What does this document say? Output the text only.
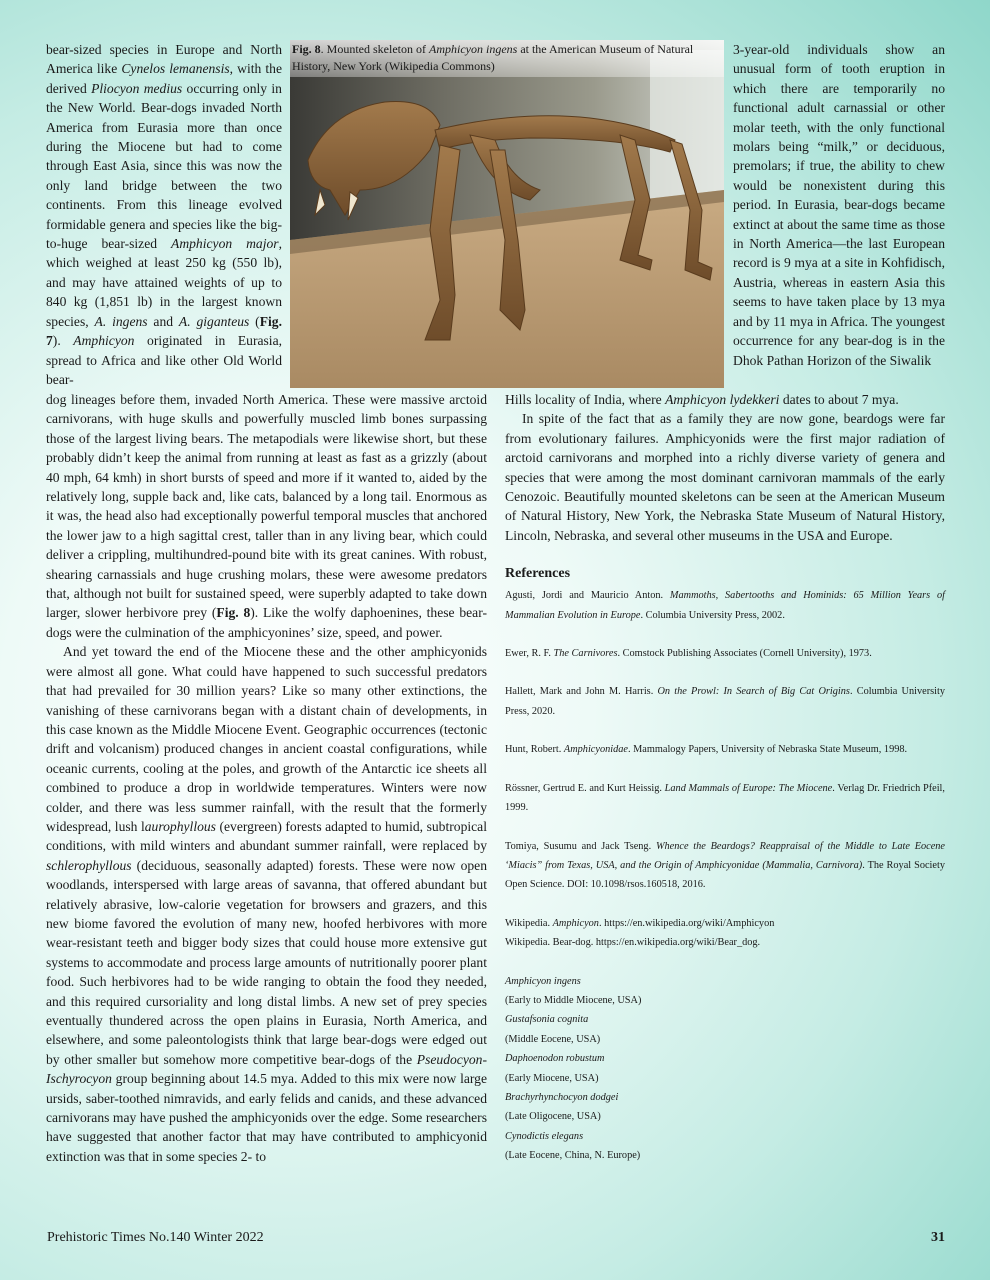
bear-sized species in Europe and North America like Cynelos lemanensis, with the derived Pliocyon medius occurring only in the New World. Bear-dogs invaded North America from Eurasia more than once during the Miocene but had to come through East Asia, since this was now the only land bridge between the two continents. From this lineage evolved formidable genera and species like the big-to-huge bear-sized Amphicyon major, which weighed at least 250 kg (550 lb), and may have attained weights of up to 840 kg (1,851 lb) in the largest known species, A. ingens and A. giganteus (Fig. 7). Amphicyon originated in Eurasia, spread to Africa and like other Old World bear-

Fig. 8. Mounted skeleton of Amphicyon ingens at the American Museum of Natural History, New York (Wikipedia Commons)

3-year-old individuals show an unusual form of tooth eruption in which there are temporarily no functional adult carnassial or other molar teeth, with the only functional molars being “milk,” or deciduous, premolars; if true, the ability to chew would be nonexistent during this period. In Eurasia, bear-dogs became extinct at about the same time as those in North America—the last European record is 9 mya at a site in Kohfidisch, Austria, whereas in eastern Asia this seems to have taken place by 13 mya and by 11 mya in Africa. The youngest occurrence for any bear-dog is in the Dhok Pathan Horizon of the Siwalik

dog lineages before them, invaded North America. These were massive arctoid carnivorans, with huge skulls and powerfully muscled limb bones surpassing those of the largest living bears. The metapodials were likewise short, but these probably didn’t keep the animal from running at least as fast as a grizzly (about 40 mph, 64 kmh) in short bursts of speed and more if it wanted to, aided by the relatively long, supple back and, like cats, balanced by a long tail. Enormous as it was, the head also had exceptionally powerful temporal muscles that anchored the lower jaw to a high sagittal crest, taller than in any living bear, which could deliver a crippling, multihundred-pound bite with its great canines. With robust, shearing carnassials and huge crushing molars, these were awesome predators that, although not built for sustained speed, were superbly adapted to take down larger, slower herbivore prey (Fig. 8). Like the wolfy daphoenines, these bear-dogs were the culmination of the amphicyonines’ size, speed, and power.

And yet toward the end of the Miocene these and the other amphicyonids were almost all gone. What could have happened to such successful predators that had prevailed for 30 million years? Like so many other extinctions, the vanishing of these carnivorans began with a distant chain of developments, in this case known as the Middle Miocene Event. Geographic occurrences (tectonic drift and volcanism) produced changes in ancient coastal configurations, while oceanic currents, cooling at the poles, and growth of the Antarctic ice sheets all combined to produce a drop in worldwide temperatures. Winters were now colder, and there was less summer rainfall, with the result that the formerly widespread, lush laurophyllous (evergreen) forests adapted to humid, subtropical conditions, with mild winters and abundant summer rainfall, were replaced by schlerophyllous (deciduous, seasonally adapted) forests. These were now open woodlands, interspersed with large areas of savanna, that offered abundant but relatively abrasive, low-calorie vegetation for browsers and grazers, and this new biome favored the evolution of many new, hoofed herbivores with more wear-resistant teeth and bigger body sizes that could house more extensive gut systems to accommodate and process large amounts of nutritionally poorer plant food. Such herbivores had to be wide ranging to obtain the food they needed, and this required cursoriality and long distal limbs. A new set of prey species eventually thundered across the open plains in Eurasia, North America, and elsewhere, and some paleontologists think that large bear-dogs were edged out by other smaller but somehow more competitive bear-dogs of the Pseudocyon-Ischyrocyon group beginning about 14.5 mya. Added to this mix were now large ursids, saber-toothed nimravids, and early felids and canids, and these advanced carnivorans may have pushed the amphicyonids over the edge. Some researchers have suggested that another factor that may have contributed to amphicyonid extinction was that in some species 2- to

Hills locality of India, where Amphicyon lydekkeri dates to about 7 mya.

In spite of the fact that as a family they are now gone, beardogs were far from evolutionary failures. Amphicyonids were the first major radiation of arctoid carnivorans and morphed into a richly diverse variety of genera and species that were among the most dominant carnivoran mammals of the early Cenozoic. Beautifully mounted skeletons can be seen at the American Museum of Natural History, New York, the Nebraska State Museum of Natural History, Lincoln, Nebraska, and several other museums in the USA and Europe.

References

Agusti, Jordi and Mauricio Anton. Mammoths, Sabertooths and Hominids: 65 Million Years of Mammalian Evolution in Europe. Columbia University Press, 2002.

Ewer, R. F. The Carnivores. Comstock Publishing Associates (Cornell University), 1973.

Hallett, Mark and John M. Harris. On the Prowl: In Search of Big Cat Origins. Columbia University Press, 2020.

Hunt, Robert. Amphicyonidae. Mammalogy Papers, University of Nebraska State Museum, 1998.

Rössner, Gertrud E. and Kurt Heissig. Land Mammals of Europe: The Miocene. Verlag Dr. Friedrich Pfeil, 1999.

Tomiya, Susumu and Jack Tseng. Whence the Beardogs? Reappraisal of the Middle to Late Eocene ‘Miacis” from Texas, USA, and the Origin of Amphicyonidae (Mammalia, Carnivora). The Royal Society Open Science. DOI: 10.1098/rsos.160518, 2016.

Wikipedia. Amphicyon. https://en.wikipedia.org/wiki/Amphicyon

Wikipedia. Bear-dog. https://en.wikipedia.org/wiki/Bear_dog.

Amphicyon ingens
(Early to Middle Miocene, USA)
Gustafsonia cognita
(Middle Eocene, USA)
Daphoenodon robustum
(Early Miocene, USA)
Brachyrhynchocyon dodgei
(Late Oligocene, USA)
Cynodictis elegans
(Late Eocene, China, N. Europe)
Prehistoric Times No.140 Winter 2022	31
